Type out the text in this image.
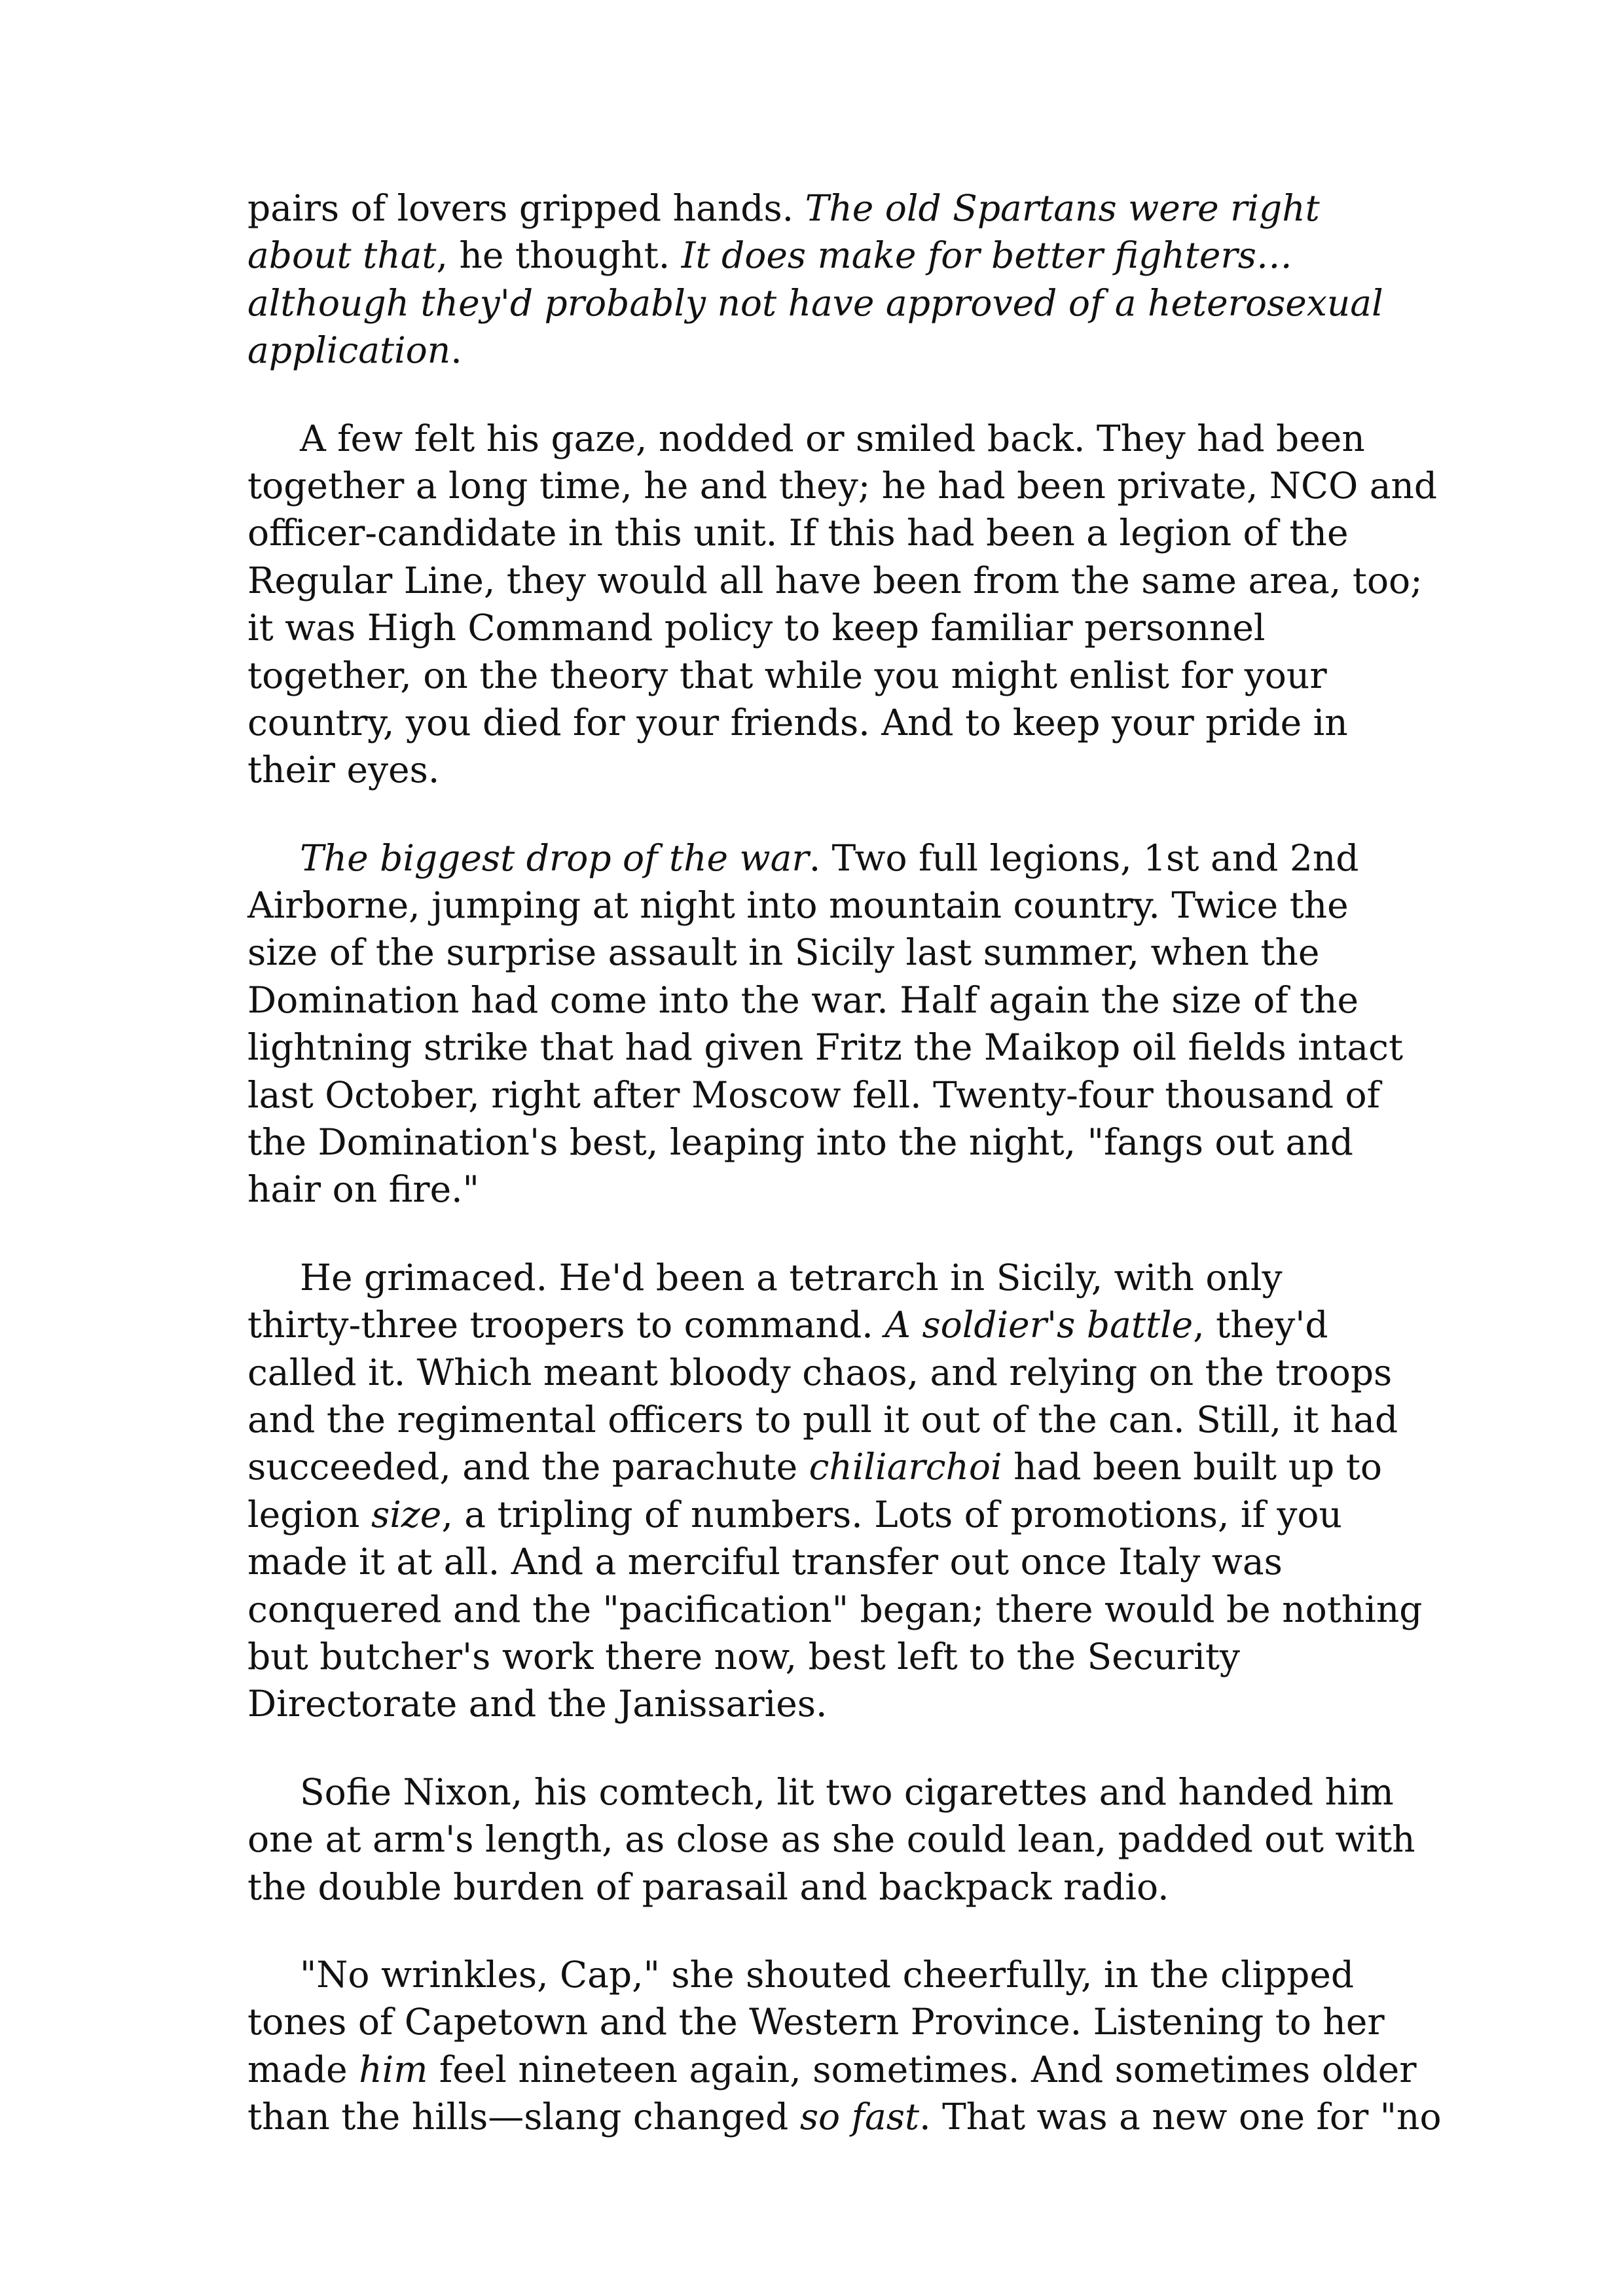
pairs of lovers gripped hands. The old Spartans were right
about that, he thought. It does make for better fighters…
although they'd probably not have approved of a heterosexual
application.
A few felt his gaze, nodded or smiled back. They had been
together a long time, he and they; he had been private, NCO and
officer-candidate in this unit. If this had been a legion of the
Regular Line, they would all have been from the same area, too;
it was High Command policy to keep familiar personnel
together, on the theory that while you might enlist for your
country, you died for your friends. And to keep your pride in
their eyes.
The biggest drop of the war. Two full legions, 1st and 2nd
Airborne, jumping at night into mountain country. Twice the
size of the surprise assault in Sicily last summer, when the
Domination had come into the war. Half again the size of the
lightning strike that had given Fritz the Maikop oil fields intact
last October, right after Moscow fell. Twenty-four thousand of
the Domination's best, leaping into the night, "fangs out and
hair on fire."
He grimaced. He'd been a tetrarch in Sicily, with only
thirty-three troopers to command. A soldier's battle, they'd
called it. Which meant bloody chaos, and relying on the troops
and the regimental officers to pull it out of the can. Still, it had
succeeded, and the parachute chiliarchoi had been built up to
legion size, a tripling of numbers. Lots of promotions, if you
made it at all. And a merciful transfer out once Italy was
conquered and the "pacification" began; there would be nothing
but butcher's work there now, best left to the Security
Directorate and the Janissaries.
Sofie Nixon, his comtech, lit two cigarettes and handed him
one at arm's length, as close as she could lean, padded out with
the double burden of parasail and backpack radio.
"No wrinkles, Cap," she shouted cheerfully, in the clipped
tones of Capetown and the Western Province. Listening to her
made him feel nineteen again, sometimes. And sometimes older
than the hills—slang changed so fast. That was a new one for "no
